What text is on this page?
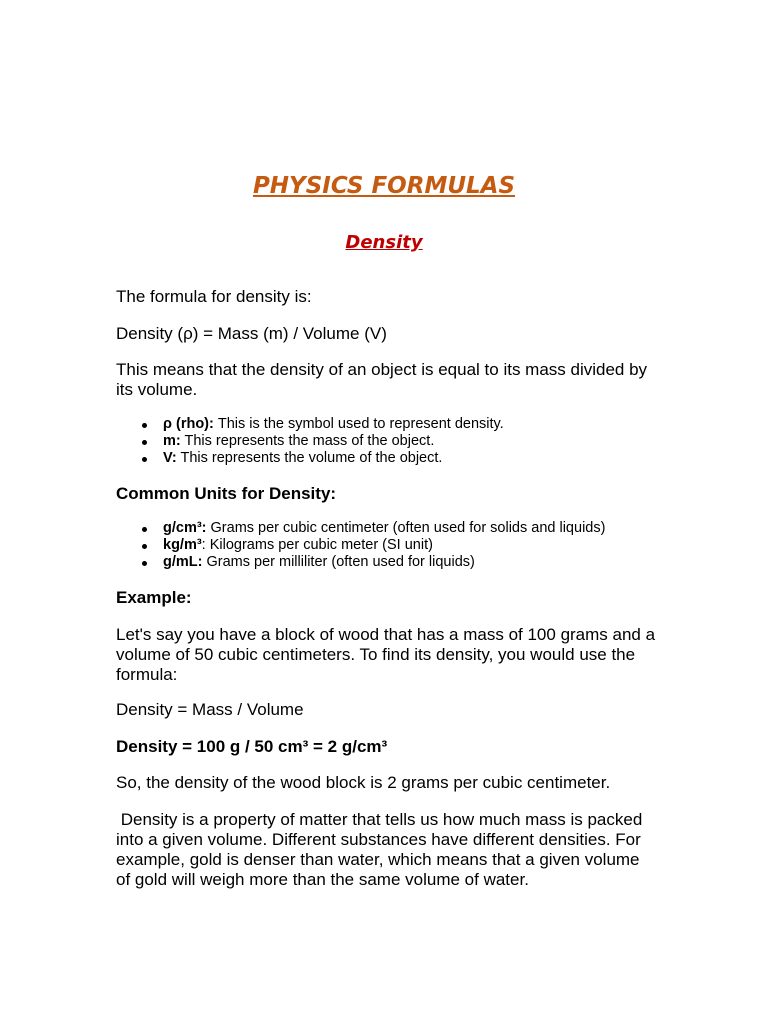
PHYSICS FORMULAS
Density

The formula for density is:

Density (ρ) = Mass (m) / Volume (V)

This means that the density of an object is equal to its mass divided by its volume.

ρ (rho): This is the symbol used to represent density.
m: This represents the mass of the object.
V: This represents the volume of the object.

Common Units for Density:

g/cm³: Grams per cubic centimeter (often used for solids and liquids)
kg/m³: Kilograms per cubic meter (SI unit)
g/mL: Grams per milliliter (often used for liquids)

Example:

Let's say you have a block of wood that has a mass of 100 grams and a volume of 50 cubic centimeters. To find its density, you would use the formula:

Density = Mass / Volume

Density = 100 g / 50 cm³ = 2 g/cm³

So, the density of the wood block is 2 grams per cubic centimeter.

Density is a property of matter that tells us how much mass is packed into a given volume. Different substances have different densities. For example, gold is denser than water, which means that a given volume of gold will weigh more than the same volume of water.
